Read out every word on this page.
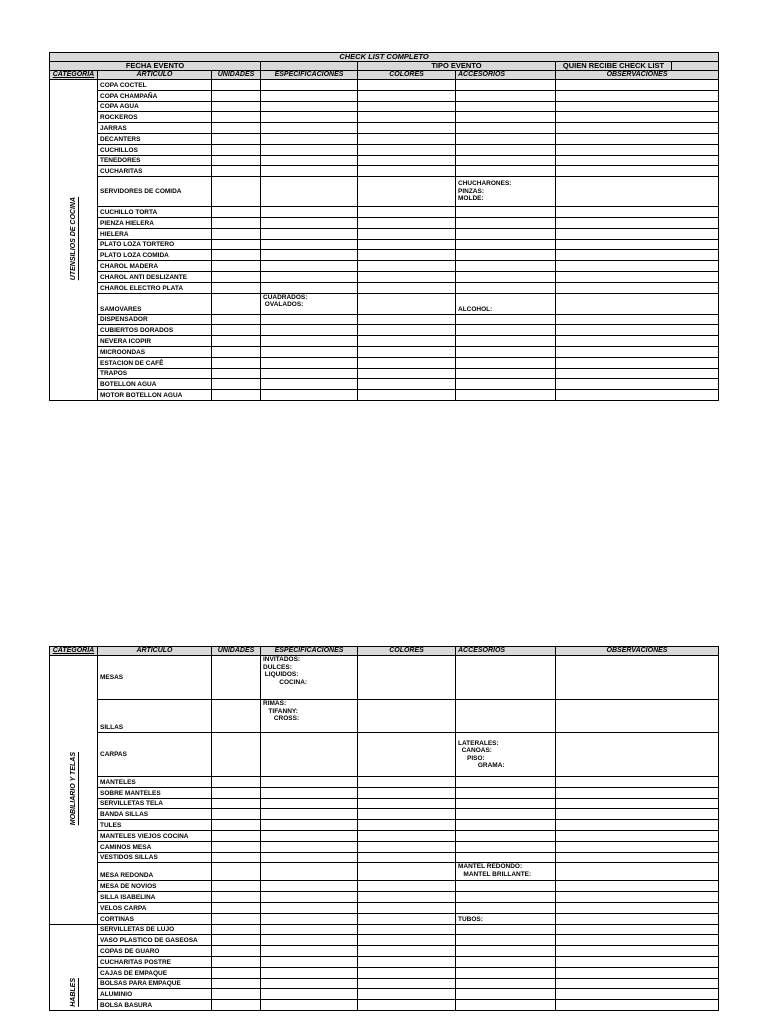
CHECK LIST COMPLETO							
FECHA EVENTO				TIPO EVENTO		QUIEN RECIBE CHECK LIST	
CATEGORIA	ARTICULO	UNIDADES	ESPECIFICACIONES	COLORES	ACCESORIOS	OBSERVACIONES	
UTENSILIOS DE COCINA	COPA COCTEL						
	COPA CHAMPAÑA						
	COPA AGUA						
	ROCKEROS						
	JARRAS						
	DECANTERS						
	CUCHILLOS						
	TENEDORES						
	CUCHARITAS						
	SERVIDORES DE COMIDA				CHUCHARONES:
PINZAS:
MOLDE:		
	CUCHILLO TORTA						
	PIENZA HIELERA						
	HIELERA						
	PLATO LOZA TORTERO						
	PLATO LOZA COMIDA						
	CHAROL MADERA						
	CHAROL ANTI DESLIZANTE						
	CHAROL ELECTRO PLATA						
	SAMOVARES		CUADRADOS:
OVALADOS:		ALCOHOL:		
	DISPENSADOR						
	CUBIERTOS DORADOS						
	NEVERA ICOPIR						
	MICROONDAS						
	ESTACION DE CAFÊ						
	TRAPOS						
	BOTELLON AGUA						
	MOTOR BOTELLON AGUA						
CATEGORIA	ARTICULO	UNIDADES	ESPECIFICACIONES	COLORES	ACCESORIOS	OBSERVACIONES
MOBILIARIO Y TELAS	MESAS		INVITADOS:
DULCES:
LIQUIDOS:
COCINA:			
	SILLAS		RIMAS:
TIFANNY:
CROSS:			
	CARPAS				LATERALES:
CANOAS:
PISO:
GRAMA:	
	MANTELES					
	SOBRE MANTELES					
	SERVILLETAS TELA					
	BANDA SILLAS					
	TULES					
	MANTELES VIEJOS COCINA					
	CAMINOS MESA					
	VESTIDOS SILLAS					
	MESA REDONDA				MANTEL REDONDO:
MANTEL BRILLANTE:	
	MESA DE NOVIOS					
	SILLA ISABELINA					
	VELOS CARPA					
	CORTINAS				TUBOS:	
HABLES	SERVILLETAS DE LUJO					
	VASO PLASTICO DE GASEOSA					
	COPAS DE GUARO					
	CUCHARITAS POSTRE					
	CAJAS DE EMPAQUE					
	BOLSAS PARA EMPAQUE					
	ALUMINIO					
	BOLSA BASURA					
